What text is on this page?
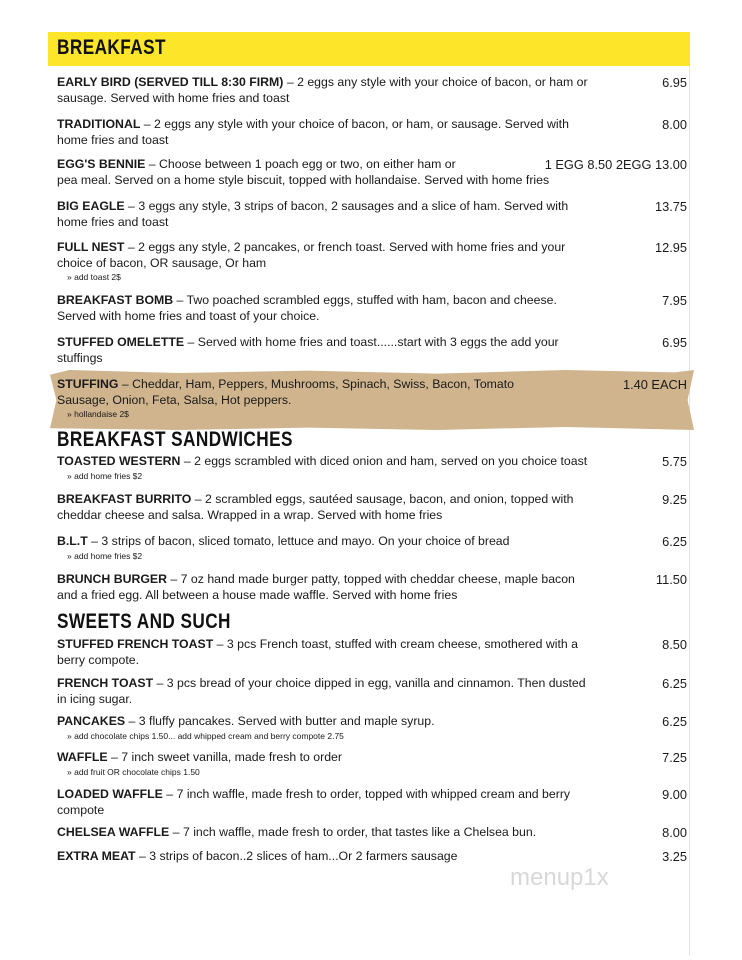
BREAKFAST
EARLY BIRD (SERVED TILL 8:30 FIRM) – 2 eggs any style with your choice of bacon, or ham or
sausage. Served with home fries and toast
6.95
TRADITIONAL – 2 eggs any style with your choice of bacon, or ham, or sausage. Served with
home fries and toast
8.00
EGG'S BENNIE – Choose between 1 poach egg or two, on either ham or
pea meal. Served on a home style biscuit, topped with hollandaise. Served with home fries
1 EGG 8.50 2EGG 13.00
BIG EAGLE – 3 eggs any style, 3 strips of bacon, 2 sausages and a slice of ham. Served with
home fries and toast
13.75
FULL NEST – 2 eggs any style, 2 pancakes, or french toast. Served with home fries and your
choice of bacon, OR sausage, Or ham
» add toast 2$
12.95
BREAKFAST BOMB – Two poached scrambled eggs, stuffed with ham, bacon and cheese.
Served with home fries and toast of your choice.
7.95
STUFFED OMELETTE – Served with home fries and toast......start with 3 eggs the add your
stuffings
6.95
STUFFING – Cheddar, Ham, Peppers, Mushrooms, Spinach, Swiss, Bacon, Tomato
Sausage, Onion, Feta, Salsa, Hot peppers.
» hollandaise 2$
1.40 EACH
BREAKFAST SANDWICHES
TOASTED WESTERN – 2 eggs scrambled with diced onion and ham, served on you choice toast
» add home fries $2
5.75
BREAKFAST BURRITO – 2 scrambled eggs, sautéed sausage, bacon, and onion, topped with
cheddar cheese and salsa. Wrapped in a wrap. Served with home fries
9.25
B.L.T – 3 strips of bacon, sliced tomato, lettuce and mayo. On your choice of bread
» add home fries $2
6.25
BRUNCH BURGER – 7 oz hand made burger patty, topped with cheddar cheese, maple bacon
and a fried egg. All between a house made waffle. Served with home fries
11.50
SWEETS AND SUCH
STUFFED FRENCH TOAST – 3 pcs French toast, stuffed with cream cheese, smothered with a
berry compote.
8.50
FRENCH TOAST – 3 pcs bread of your choice dipped in egg, vanilla and cinnamon. Then dusted
in icing sugar.
6.25
PANCAKES – 3 fluffy pancakes. Served with butter and maple syrup.
» add chocolate chips 1.50... add whipped cream and berry compote 2.75
6.25
WAFFLE – 7 inch sweet vanilla, made fresh to order
» add fruit OR chocolate chips 1.50
7.25
LOADED WAFFLE – 7 inch waffle, made fresh to order, topped with whipped cream and berry
compote
9.00
CHELSEA WAFFLE – 7 inch waffle, made fresh to order, that tastes like a Chelsea bun.	8.00
EXTRA MEAT – 3 strips of bacon..2 slices of ham...Or 2 farmers sausage	3.25
menup1x
